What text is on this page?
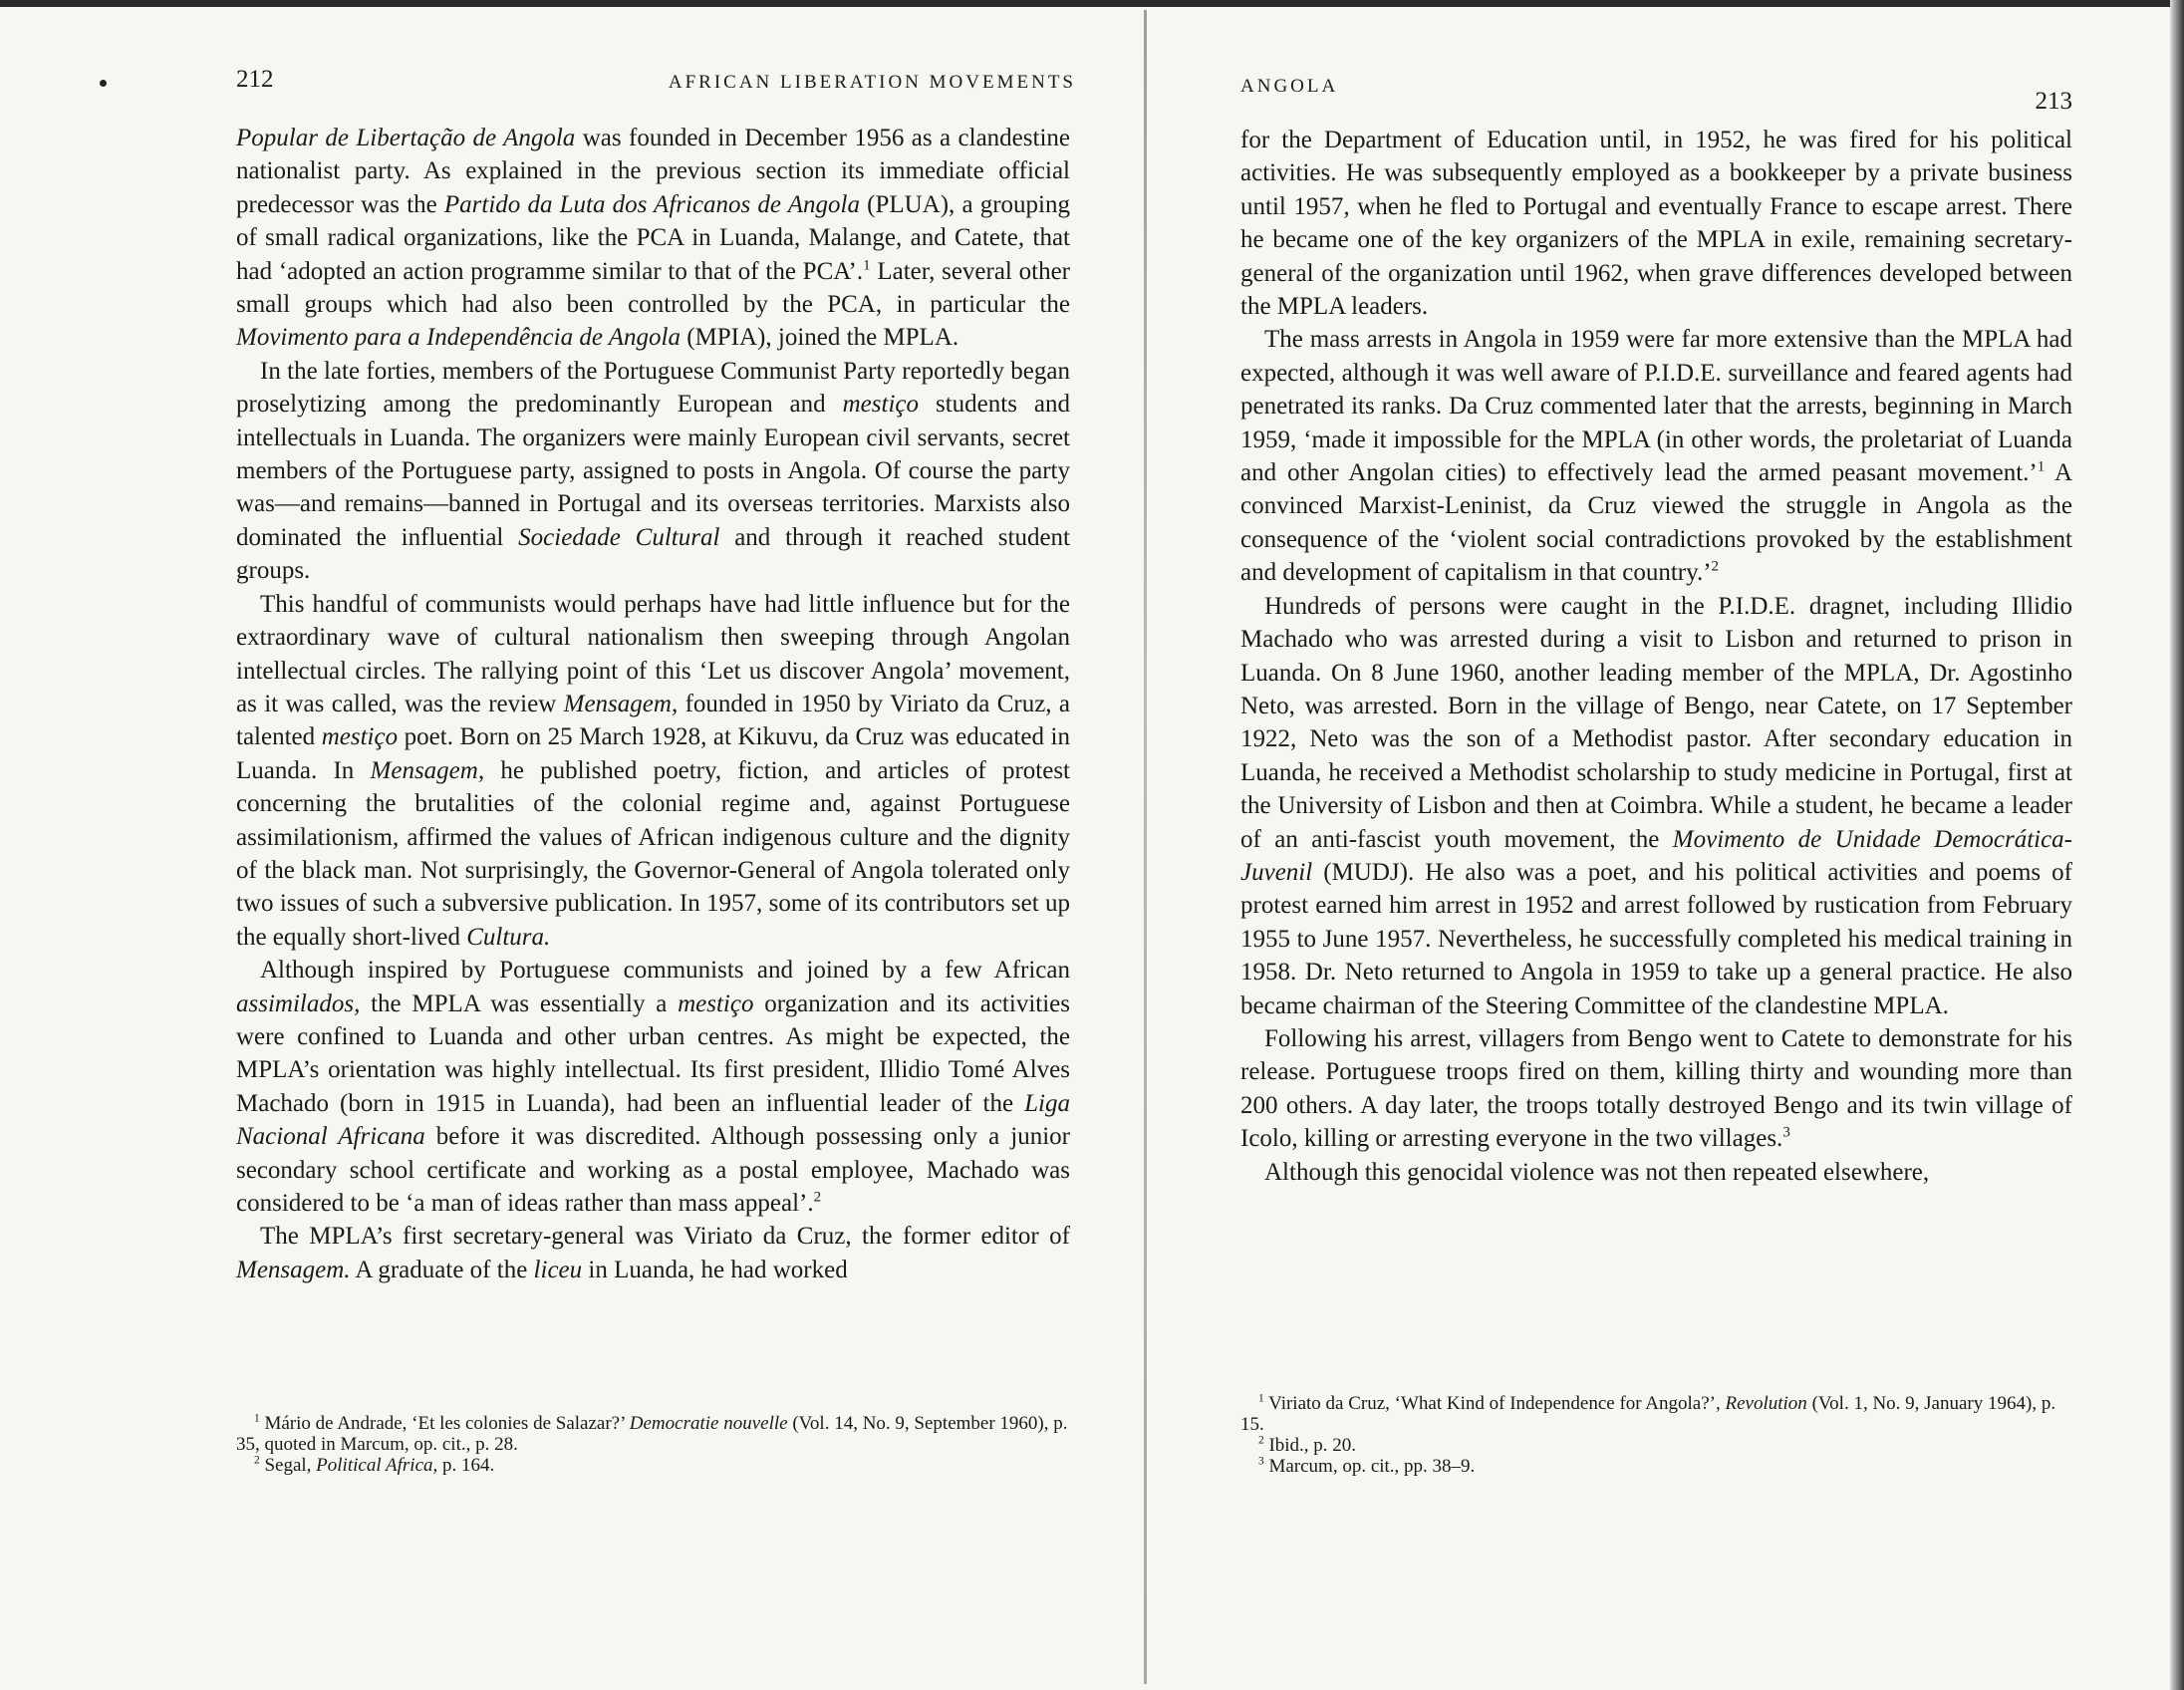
212	AFRICAN LIBERATION MOVEMENTS

Popular de Libertação de Angola was founded in December 1956 as a clandestine nationalist party. As explained in the previous section its immediate official predecessor was the Partido da Luta dos Africanos de Angola (PLUA), a grouping of small radical organizations, like the PCA in Luanda, Malange, and Catete, that had ‘adopted an action programme similar to that of the PCA’.$^1$ Later, several other small groups which had also been controlled by the PCA, in particular the Movimento para a Independência de Angola (MPIA), joined the MPLA.

In the late forties, members of the Portuguese Communist Party reportedly began proselytizing among the predominantly European and mestiço students and intellectuals in Luanda. The organizers were mainly European civil servants, secret members of the Portuguese party, assigned to posts in Angola. Of course the party was—and remains—banned in Portugal and its overseas territories. Marxists also dominated the influential Sociedade Cultural and through it reached student groups.

This handful of communists would perhaps have had little influence but for the extraordinary wave of cultural nationalism then sweeping through Angolan intellectual circles. The rallying point of this ‘Let us discover Angola’ movement, as it was called, was the review Mensagem, founded in 1950 by Viriato da Cruz, a talented mestiço poet. Born on 25 March 1928, at Kikuvu, da Cruz was educated in Luanda. In Mensagem, he published poetry, fiction, and articles of protest concerning the brutalities of the colonial regime and, against Portuguese assimilationism, affirmed the values of African indigenous culture and the dignity of the black man. Not surprisingly, the Governor-General of Angola tolerated only two issues of such a subversive publication. In 1957, some of its contributors set up the equally short-lived Cultura.

Although inspired by Portuguese communists and joined by a few African assimilados, the MPLA was essentially a mestiço organization and its activities were confined to Luanda and other urban centres. As might be expected, the MPLA’s orientation was highly intellectual. Its first president, Illidio Tomé Alves Machado (born in 1915 in Luanda), had been an influential leader of the Liga Nacional Africana before it was discredited. Although possessing only a junior secondary school certificate and working as a postal employee, Machado was considered to be ‘a man of ideas rather than mass appeal’.$^2$

The MPLA’s first secretary-general was Viriato da Cruz, the former editor of Mensagem. A graduate of the liceu in Luanda, he had worked

$^1$ Mário de Andrade, ‘Et les colonies de Salazar?’ Democratie nouvelle (Vol. 14, No. 9, September 1960), p. 35, quoted in Marcum, op. cit., p. 28.

$^2$ Segal, Political Africa, p. 164.

ANGOLA
213

for the Department of Education until, in 1952, he was fired for his political activities. He was subsequently employed as a bookkeeper by a private business until 1957, when he fled to Portugal and eventually France to escape arrest. There he became one of the key organizers of the MPLA in exile, remaining secretary-general of the organization until 1962, when grave differences developed between the MPLA leaders.

The mass arrests in Angola in 1959 were far more extensive than the MPLA had expected, although it was well aware of P.I.D.E. surveillance and feared agents had penetrated its ranks. Da Cruz commented later that the arrests, beginning in March 1959, ‘made it impossible for the MPLA (in other words, the proletariat of Luanda and other Angolan cities) to effectively lead the armed peasant movement.’$^1$ A convinced Marxist-Leninist, da Cruz viewed the struggle in Angola as the consequence of the ‘violent social contradictions provoked by the establishment and development of capitalism in that country.’$^2$

Hundreds of persons were caught in the P.I.D.E. dragnet, including Illidio Machado who was arrested during a visit to Lisbon and returned to prison in Luanda. On 8 June 1960, another leading member of the MPLA, Dr. Agostinho Neto, was arrested. Born in the village of Bengo, near Catete, on 17 September 1922, Neto was the son of a Methodist pastor. After secondary education in Luanda, he received a Methodist scholarship to study medicine in Portugal, first at the University of Lisbon and then at Coimbra. While a student, he became a leader of an anti-fascist youth movement, the Movimento de Unidade Democrática-Juvenil (MUDJ). He also was a poet, and his political activities and poems of protest earned him arrest in 1952 and arrest followed by rustication from February 1955 to June 1957. Nevertheless, he successfully completed his medical training in 1958. Dr. Neto returned to Angola in 1959 to take up a general practice. He also became chairman of the Steering Committee of the clandestine MPLA.

Following his arrest, villagers from Bengo went to Catete to demonstrate for his release. Portuguese troops fired on them, killing thirty and wounding more than 200 others. A day later, the troops totally destroyed Bengo and its twin village of Icolo, killing or arresting everyone in the two villages.$^3$

Although this genocidal violence was not then repeated elsewhere,

$^1$ Viriato da Cruz, ‘What Kind of Independence for Angola?’, Revolution (Vol. 1, No. 9, January 1964), p. 15.

$^2$ Ibid., p. 20.

$^3$ Marcum, op. cit., pp. 38–9.
